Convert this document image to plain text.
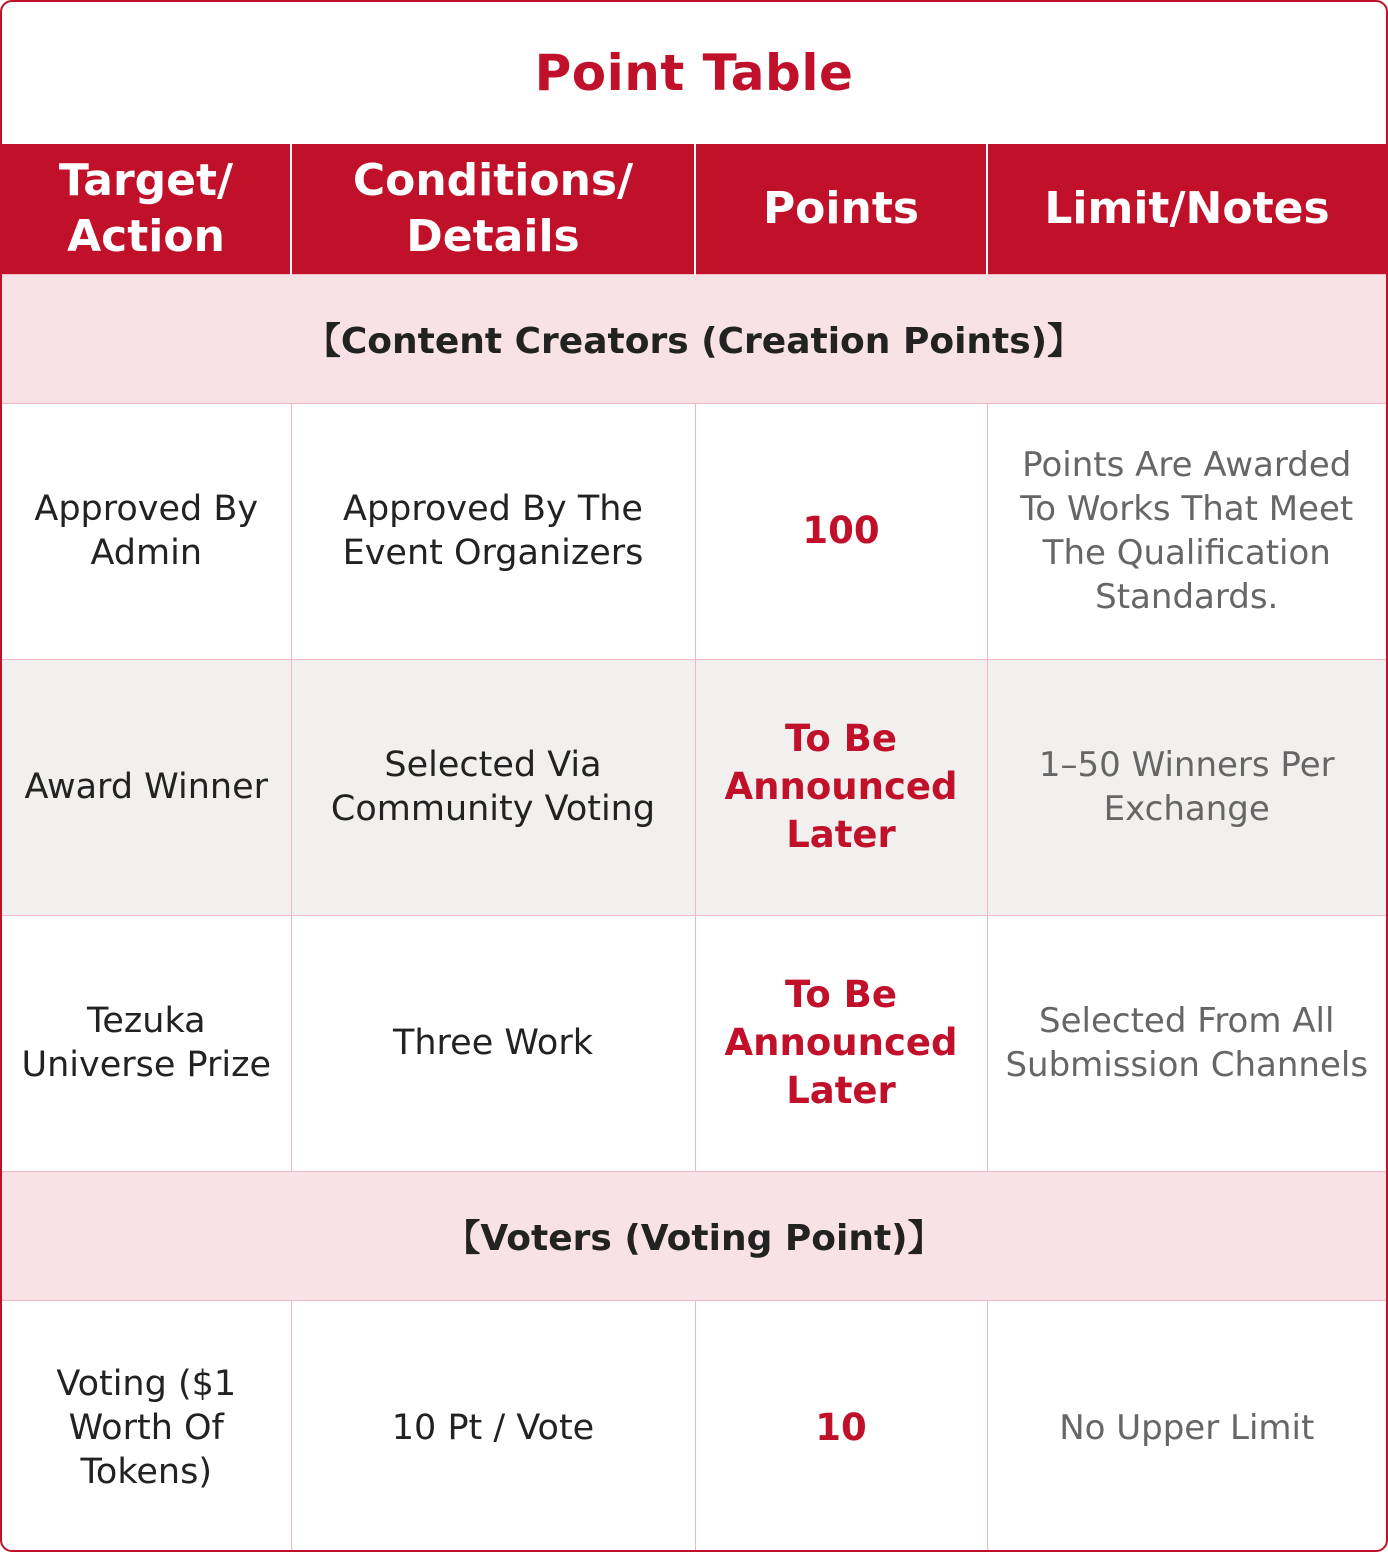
Point Table
Target/ Action	Conditions/ Details	Points	Limit/Notes
【Content Creators (Creation Points)】			
Approved By Admin	Approved By The Event Organizers	100	Points Are Awarded To Works That Meet The Qualification Standards.
Award Winner	Selected Via Community Voting	To Be Announced Later	1–50 Winners Per Exchange
Tezuka Universe Prize	Three Work	To Be Announced Later	Selected From All Submission Channels
【Voters (Voting Point)】			
Voting ($1 Worth Of Tokens)	10 Pt / Vote	10	No Upper Limit
